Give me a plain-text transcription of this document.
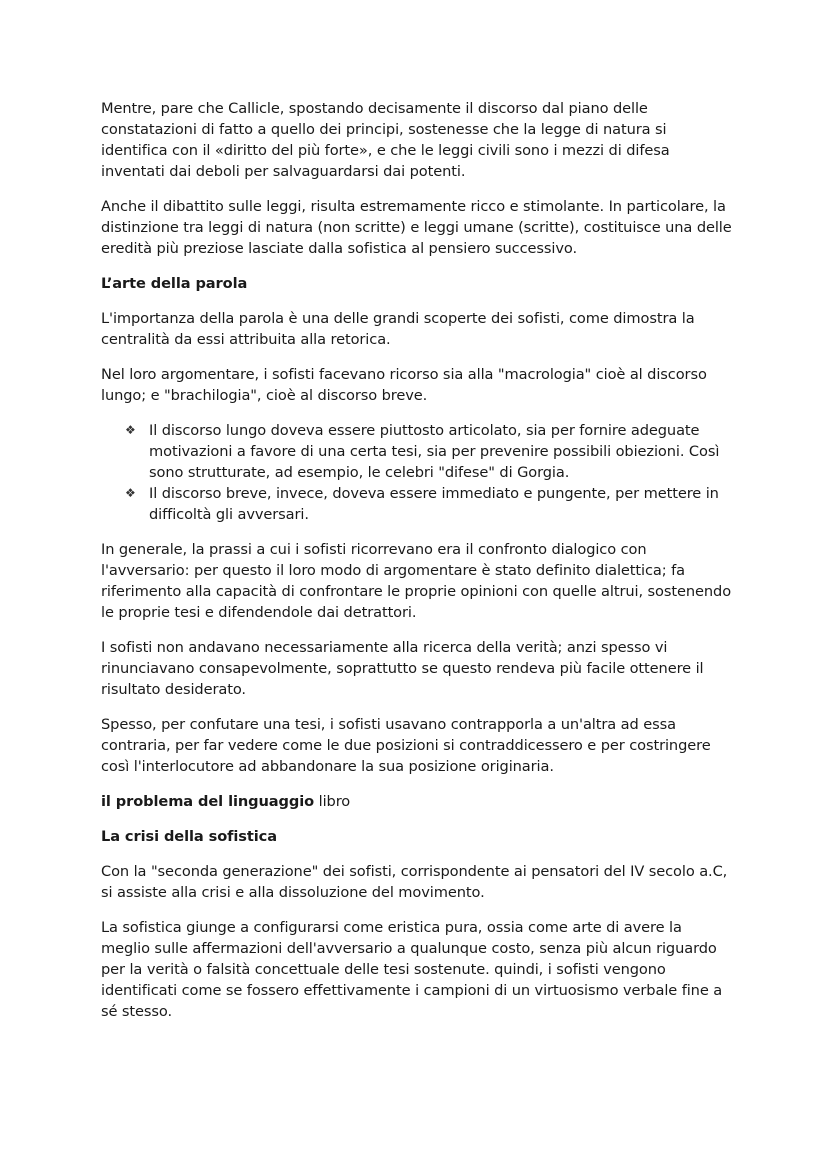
Mentre, pare che Callicle, spostando decisamente il discorso dal piano delle constatazioni di fatto a quello dei principi, sostenesse che la legge di natura si identifica con il «diritto del più forte», e che le leggi civili sono i mezzi di difesa inventati dai deboli per salvaguardarsi dai potenti.

Anche il dibattito sulle leggi, risulta estremamente ricco e stimolante. In particolare, la distinzione tra leggi di natura (non scritte) e leggi umane (scritte), costituisce una delle eredità più preziose lasciate dalla sofistica al pensiero successivo.

L’arte della parola

L'importanza della parola è una delle grandi scoperte dei sofisti, come dimostra la centralità da essi attribuita alla retorica.

Nel loro argomentare, i sofisti facevano ricorso sia alla "macrologia" cioè al discorso lungo; e "brachilogia", cioè al discorso breve.

❖ Il discorso lungo doveva essere piuttosto articolato, sia per fornire adeguate motivazioni a favore di una certa tesi, sia per prevenire possibili obiezioni. Così sono strutturate, ad esempio, le celebri "difese" di Gorgia.
❖ Il discorso breve, invece, doveva essere immediato e pungente, per mettere in difficoltà gli avversari.

In generale, la prassi a cui i sofisti ricorrevano era il confronto dialogico con l'avversario: per questo il loro modo di argomentare è stato definito dialettica; fa riferimento alla capacità di confrontare le proprie opinioni con quelle altrui, sostenendo le proprie tesi e difendendole dai detrattori.

I sofisti non andavano necessariamente alla ricerca della verità; anzi spesso vi rinunciavano consapevolmente, soprattutto se questo rendeva più facile ottenere il risultato desiderato.

Spesso, per confutare una tesi, i sofisti usavano contrapporla a un'altra ad essa contraria, per far vedere come le due posizioni si contraddicessero e per costringere così l'interlocutore ad abbandonare la sua posizione originaria.

il problema del linguaggio libro
La crisi della sofistica

Con la "seconda generazione" dei sofisti, corrispondente ai pensatori del IV secolo a.C, si assiste alla crisi e alla dissoluzione del movimento.

La sofistica giunge a configurarsi come eristica pura, ossia come arte di avere la meglio sulle affermazioni dell'avversario a qualunque costo, senza più alcun riguardo per la verità o falsità concettuale delle tesi sostenute. quindi, i sofisti vengono identificati come se fossero effettivamente i campioni di un virtuosismo verbale fine a sé stesso.
